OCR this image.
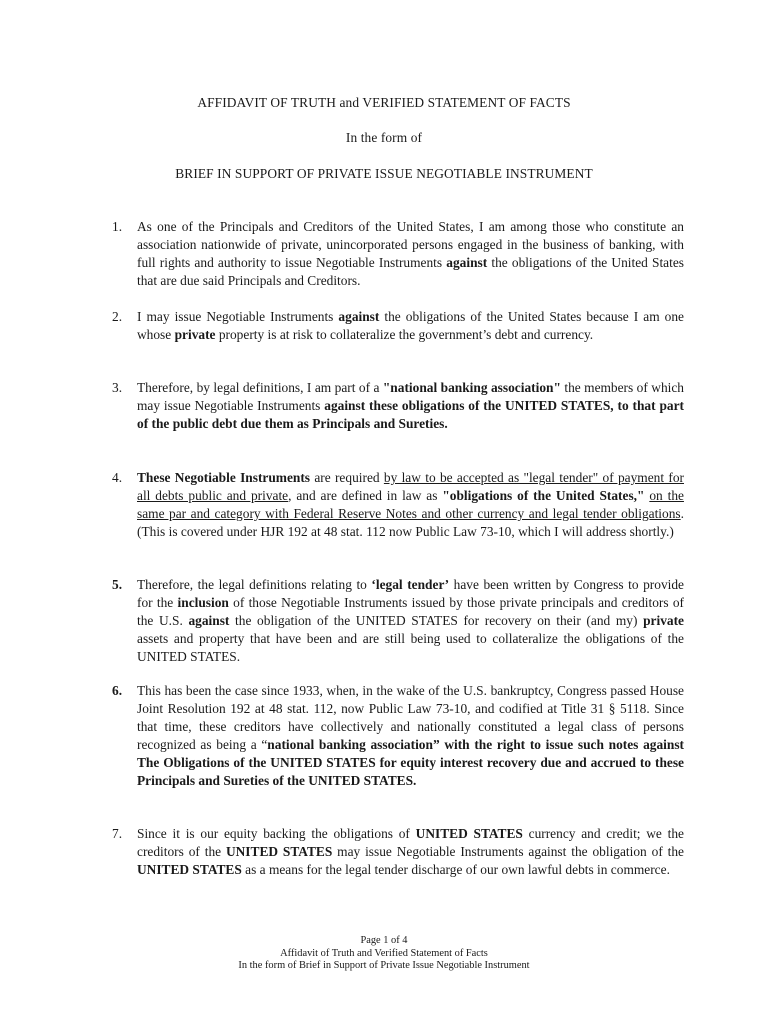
AFFIDAVIT OF TRUTH and VERIFIED STATEMENT OF FACTS
In the form of
BRIEF IN SUPPORT OF PRIVATE ISSUE NEGOTIABLE INSTRUMENT
1.	As one of the Principals and Creditors of the United States, I am among those who constitute an association nationwide of private, unincorporated persons engaged in the business of banking, with full rights and authority to issue Negotiable Instruments against the obligations of the United States that are due said Principals and Creditors.
2.	I may issue Negotiable Instruments against the obligations of the United States because I am one whose private property is at risk to collateralize the government’s debt and currency.
3.	Therefore, by legal definitions, I am part of a "national banking association" the members of which may issue Negotiable Instruments against these obligations of the UNITED STATES, to that part of the public debt due them as Principals and Sureties.
4.	These Negotiable Instruments are required by law to be accepted as "legal tender" of payment for all debts public and private, and are defined in law as "obligations of the United States," on the same par and category with Federal Reserve Notes and other currency and legal tender obligations. (This is covered under HJR 192 at 48 stat. 112 now Public Law 73-10, which I will address shortly.)
5.	Therefore, the legal definitions relating to ‘legal tender’ have been written by Congress to provide for the inclusion of those Negotiable Instruments issued by those private principals and creditors of the U.S. against the obligation of the UNITED STATES for recovery on their (and my) private assets and property that have been and are still being used to collateralize the obligations of the UNITED STATES.
6.	This has been the case since 1933, when, in the wake of the U.S. bankruptcy, Congress passed House Joint Resolution 192 at 48 stat. 112, now Public Law 73-10, and codified at Title 31 § 5118. Since that time, these creditors have collectively and nationally constituted a legal class of persons recognized as being a “national banking association” with the right to issue such notes against The Obligations of the UNITED STATES for equity interest recovery due and accrued to these Principals and Sureties of the UNITED STATES.
7.	Since it is our equity backing the obligations of UNITED STATES currency and credit; we the creditors of the UNITED STATES may issue Negotiable Instruments against the obligation of the UNITED STATES as a means for the legal tender discharge of our own lawful debts in commerce.
Page 1 of 4
Affidavit of Truth and Verified Statement of Facts
In the form of Brief in Support of Private Issue Negotiable Instrument
